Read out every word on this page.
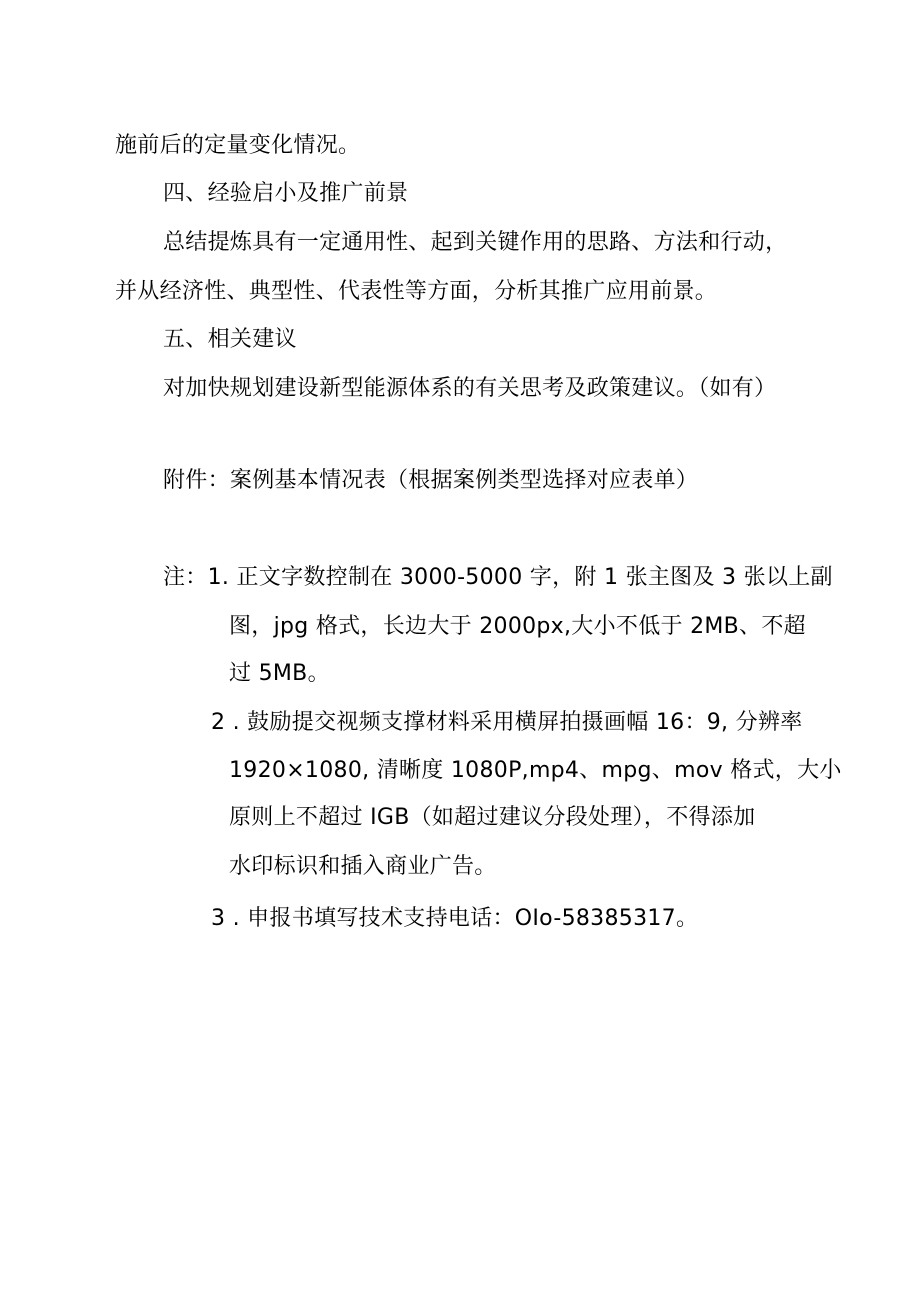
施前后的定量变化情况。
四、经验启小及推广前景
总结提炼具有一定通用性、起到关键作用的思路、方法和行动，
并从经济性、典型性、代表性等方面，分析其推广应用前景。
五、相关建议
对加快规划建设新型能源体系的有关思考及政策建议。（如有）
附件：案例基本情况表（根据案例类型选择对应表单）
注：1. 正文字数控制在 3000-5000 字，附 1 张主图及 3 张以上副
图，jpg 格式，长边大于 2000px,大小不低于 2MB、不超
过 5MB。
2 . 鼓励提交视频支撑材料采用横屏拍摄画幅 16：9, 分辨率
1920×1080, 清晰度 1080P,mp4、mpg、mov 格式，大小
原则上不超过 IGB（如超过建议分段处理），不得添加
水印标识和插入商业广告。
3 . 申报书填写技术支持电话：OIo-58385317。
